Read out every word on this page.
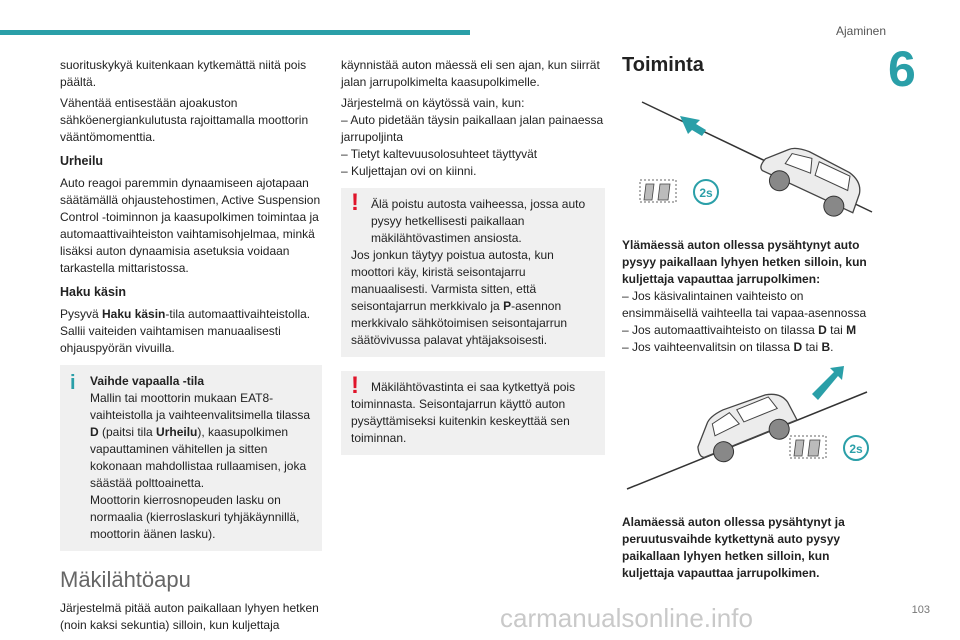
Ajaminen
6

suorituskykyä kuitenkaan kytkemättä niitä pois päältä.

Vähentää entisestään ajoakuston sähköenergiankulutusta rajoittamalla moottorin vääntömomenttia.

Urheilu

Auto reagoi paremmin dynaamiseen ajotapaan säätämällä ohjaustehostimen, Active Suspension Control -toiminnon ja kaasupolkimen toimintaa ja automaattivaihteiston vaihtamisohjelmaa, minkä lisäksi auton dynaamisia asetuksia voidaan tarkastella mittaristossa.

Haku käsin

Pysyvä Haku käsin-tila automaattivaihteistolla. Sallii vaiteiden vaihtamisen manuaalisesti ohjauspyörän vivuilla.

i Vaihde vapaalla -tila
Mallin tai moottorin mukaan EAT8-vaihteistolla ja vaihteenvalitsimella tilassa
D (paitsi tila Urheilu), kaasupolkimen vapauttaminen vähitellen ja sitten kokonaan mahdollistaa rullaamisen, joka säästää polttoainetta.
Moottorin kierrosnopeuden lasku on normaalia (kierroslaskuri tyhjäkäynnillä, moottorin äänen lasku).
Mäkilähtöapu

Järjestelmä pitää auton paikallaan lyhyen hetken (noin kaksi sekuntia) silloin, kun kuljettaja

käynnistää auton mäessä eli sen ajan, kun siirrät jalan jarrupolkimelta kaasupolkimelle.

Järjestelmä on käytössä vain, kun:

– Auto pidetään täysin paikallaan jalan painaessa jarrupoljinta
– Tietyt kaltevuusolosuhteet täyttyvät
– Kuljettajan ovi on kiinni.
!	Älä poistu autosta vaiheessa, jossa auto pysyy hetkellisesti paikallaan mäkilähtövastimen ansiosta.
Jos jonkun täytyy poistua autosta, kun moottori käy, kiristä seisontajarru manuaalisesti. Varmista sitten, että seisontajarrun merkkivalo ja P-asennon merkkivalo sähkötoimisen seisontajarrun säätövivussa palavat yhtäjaksoisesti.
!	Mäkilähtövastinta ei saa kytkettyä pois toiminnasta. Seisontajarrun käyttö auton pysäyttämiseksi kuitenkin keskeyttää sen toiminnan.
Toiminta
2s

Ylämäessä auton ollessa pysähtynyt auto pysyy paikallaan lyhyen hetken silloin, kun kuljettaja vapauttaa jarrupolkimen:

– Jos käsivalintainen vaihteisto on ensimmäisellä vaihteella tai vapaa-asennossa
– Jos automaattivaihteisto on tilassa D tai M
– Jos vaihteenvalitsin on tilassa D tai B.
2s

Alamäessä auton ollessa pysähtynyt ja peruutusvaihde kytkettynä auto pysyy paikallaan lyhyen hetken silloin, kun kuljettaja vapauttaa jarrupolkimen.

carmanualsonline.info	103
